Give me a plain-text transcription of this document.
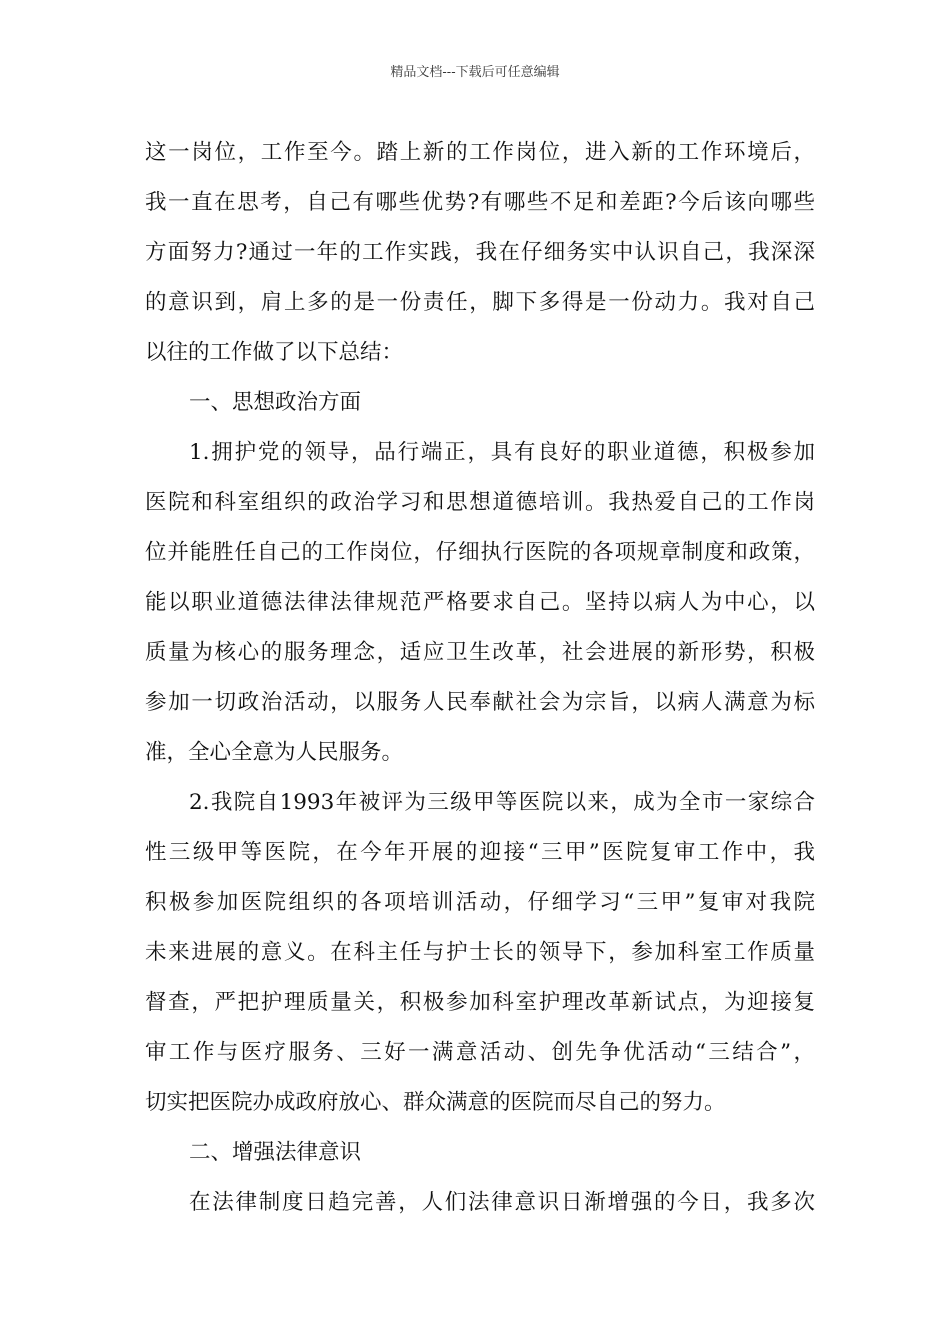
精品文档---下载后可任意编辑
这一岗位，工作至今。踏上新的工作岗位，进入新的工作环境后，
我一直在思考，自己有哪些优势?有哪些不足和差距?今后该向哪些
方面努力?通过一年的工作实践，我在仔细务实中认识自己，我深深
的意识到，肩上多的是一份责任，脚下多得是一份动力。我对自己
以往的工作做了以下总结：
一、思想政治方面
1.拥护党的领导，品行端正，具有良好的职业道德，积极参加
医院和科室组织的政治学习和思想道德培训。我热爱自己的工作岗
位并能胜任自己的工作岗位，仔细执行医院的各项规章制度和政策，
能以职业道德法律法律规范严格要求自己。坚持以病人为中心，以
质量为核心的服务理念，适应卫生改革，社会进展的新形势，积极
参加一切政治活动，以服务人民奉献社会为宗旨，以病人满意为标
准，全心全意为人民服务。
2.我院自1993年被评为三级甲等医院以来，成为全市一家综合
性三级甲等医院，在今年开展的迎接“三甲”医院复审工作中，我
积极参加医院组织的各项培训活动，仔细学习“三甲”复审对我院
未来进展的意义。在科主任与护士长的领导下，参加科室工作质量
督查，严把护理质量关，积极参加科室护理改革新试点，为迎接复
审工作与医疗服务、三好一满意活动、创先争优活动“三结合”，
切实把医院办成政府放心、群众满意的医院而尽自己的努力。
二、增强法律意识
在法律制度日趋完善，人们法律意识日渐增强的今日，我多次
